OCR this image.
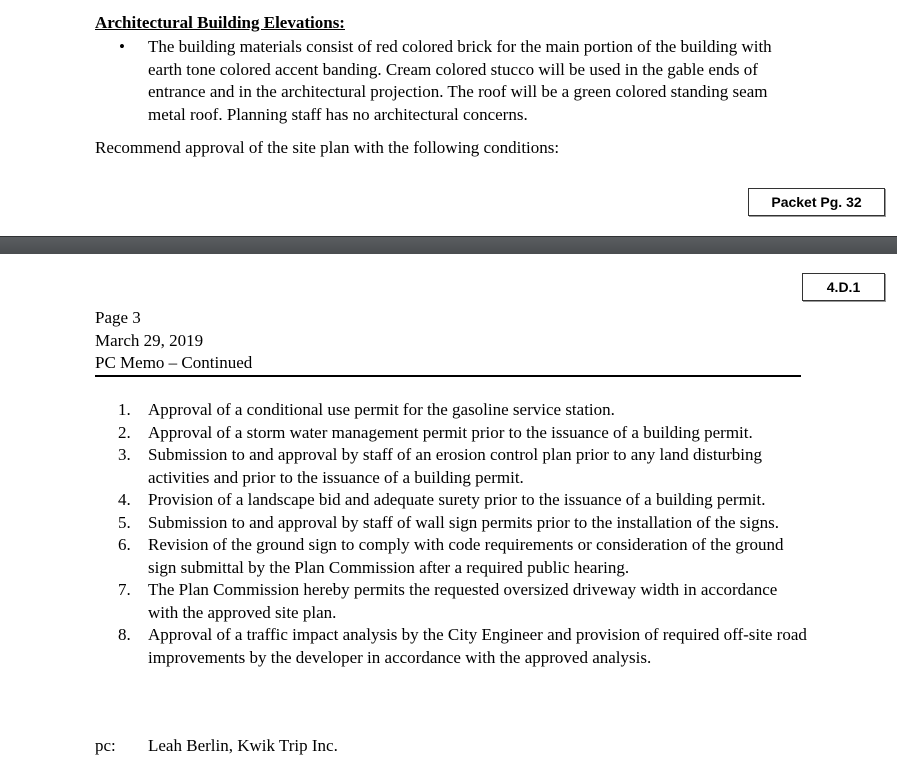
Architectural Building Elevations:
• The building materials consist of red colored brick for the main portion of the building with earth tone colored accent banding. Cream colored stucco will be used in the gable ends of entrance and in the architectural projection. The roof will be a green colored standing seam metal roof. Planning staff has no architectural concerns.
Recommend approval of the site plan with the following conditions:
Packet Pg. 32
4.D.1
Page 3
March 29, 2019
PC Memo – Continued
1. Approval of a conditional use permit for the gasoline service station.
2. Approval of a storm water management permit prior to the issuance of a building permit.
3. Submission to and approval by staff of an erosion control plan prior to any land disturbing activities and prior to the issuance of a building permit.
4. Provision of a landscape bid and adequate surety prior to the issuance of a building permit.
5. Submission to and approval by staff of wall sign permits prior to the installation of the signs.
6. Revision of the ground sign to comply with code requirements or consideration of the ground sign submittal by the Plan Commission after a required public hearing.
7. The Plan Commission hereby permits the requested oversized driveway width in accordance with the approved site plan.
8. Approval of a traffic impact analysis by the City Engineer and provision of required off-site road improvements by the developer in accordance with the approved analysis.
pc: Leah Berlin, Kwik Trip Inc.
